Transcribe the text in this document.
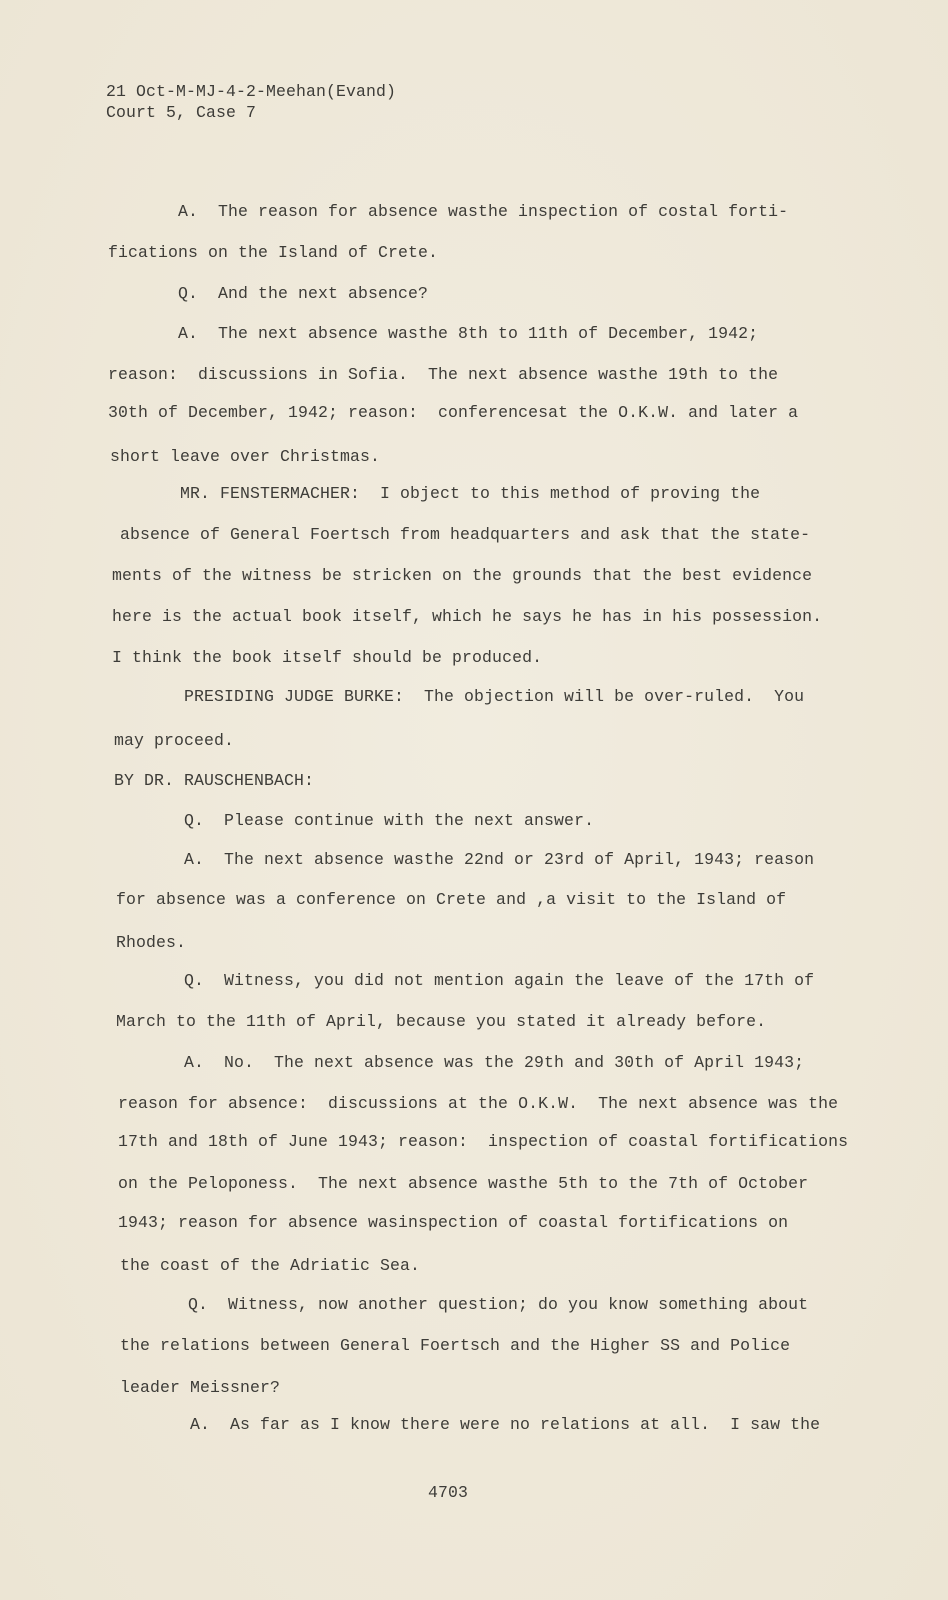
21 Oct-M-MJ-4-2-Meehan(Evand)
Court 5, Case 7
A.  The reason for absence wasthe inspection of costal forti-
fications on the Island of Crete.
Q.  And the next absence?
A.  The next absence wasthe 8th to 11th of December, 1942;
reason:  discussions in Sofia.  The next absence wasthe 19th to the
30th of December, 1942; reason:  conferencesat the O.K.W. and later a
short leave over Christmas.
MR. FENSTERMACHER:  I object to this method of proving the
absence of General Foertsch from headquarters and ask that the state-
ments of the witness be stricken on the grounds that the best evidence
here is the actual book itself, which he says he has in his possession.
I think the book itself should be produced.
PRESIDING JUDGE BURKE:  The objection will be over-ruled.  You
may proceed.
BY DR. RAUSCHENBACH:
Q.  Please continue with the next answer.
A.  The next absence wasthe 22nd or 23rd of April, 1943; reason
for absence was a conference on Crete and ,a visit to the Island of
Rhodes.
Q.  Witness, you did not mention again the leave of the 17th of
March to the 11th of April, because you stated it already before.
A.  No.  The next absence was the 29th and 30th of April 1943;
reason for absence:  discussions at the O.K.W.  The next absence was the
17th and 18th of June 1943; reason:  inspection of coastal fortifications
on the Peloponess.  The next absence wasthe 5th to the 7th of October
1943; reason for absence wasinspection of coastal fortifications on
the coast of the Adriatic Sea.
Q.  Witness, now another question; do you know something about
the relations between General Foertsch and the Higher SS and Police
leader Meissner?
A.  As far as I know there were no relations at all.  I saw the
4703
